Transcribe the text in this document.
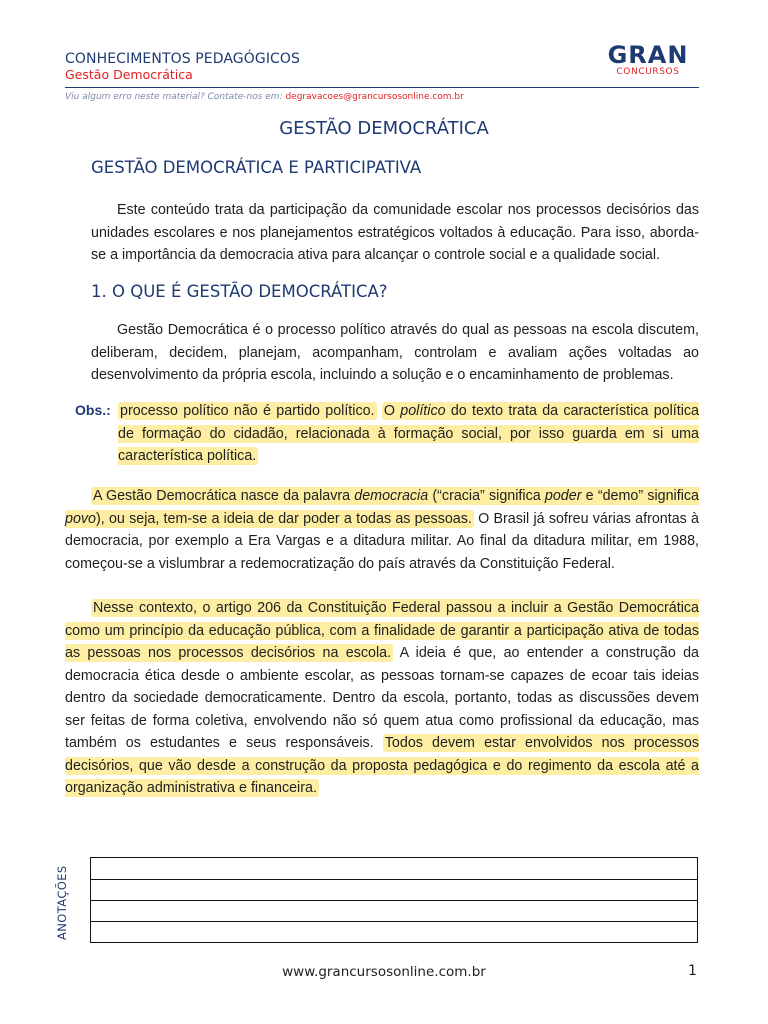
CONHECIMENTOS PEDAGÓGICOS
Gestão Democrática
GRAN
CONCURSOS
Viu algum erro neste material? Contate-nos em: degravacoes@grancursosonline.com.br
GESTÃO DEMOCRÁTICA
GESTÃO DEMOCRÁTICA E PARTICIPATIVA
Este conteúdo trata da participação da comunidade escolar nos processos decisórios das unidades escolares e nos planejamentos estratégicos voltados à educação. Para isso, aborda-se a importância da democracia ativa para alcançar o controle social e a qualidade social.
1. O QUE É GESTÃO DEMOCRÁTICA?
Gestão Democrática é o processo político através do qual as pessoas na escola discutem, deliberam, decidem, planejam, acompanham, controlam e avaliam ações voltadas ao desenvolvimento da própria escola, incluindo a solução e o encaminhamento de problemas.
Obs.: processo político não é partido político. O político do texto trata da característica política de formação do cidadão, relacionada à formação social, por isso guarda em si uma característica política.
A Gestão Democrática nasce da palavra democracia (“cracia” significa poder e “demo” significa povo), ou seja, tem-se a ideia de dar poder a todas as pessoas. O Brasil já sofreu várias afrontas à democracia, por exemplo a Era Vargas e a ditadura militar. Ao final da ditadura militar, em 1988, começou-se a vislumbrar a redemocratização do país através da Constituição Federal.
Nesse contexto, o artigo 206 da Constituição Federal passou a incluir a Gestão Democrática como um princípio da educação pública, com a finalidade de garantir a participação ativa de todas as pessoas nos processos decisórios na escola. A ideia é que, ao entender a construção da democracia ética desde o ambiente escolar, as pessoas tornam-se capazes de ecoar tais ideias dentro da sociedade democraticamente. Dentro da escola, portanto, todas as discussões devem ser feitas de forma coletiva, envolvendo não só quem atua como profissional da educação, mas também os estudantes e seus responsáveis. Todos devem estar envolvidos nos processos decisórios, que vão desde a construção da proposta pedagógica e do regimento da escola até a organização administrativa e financeira.
ANOTAÇÕES
www.grancursosonline.com.br	1
